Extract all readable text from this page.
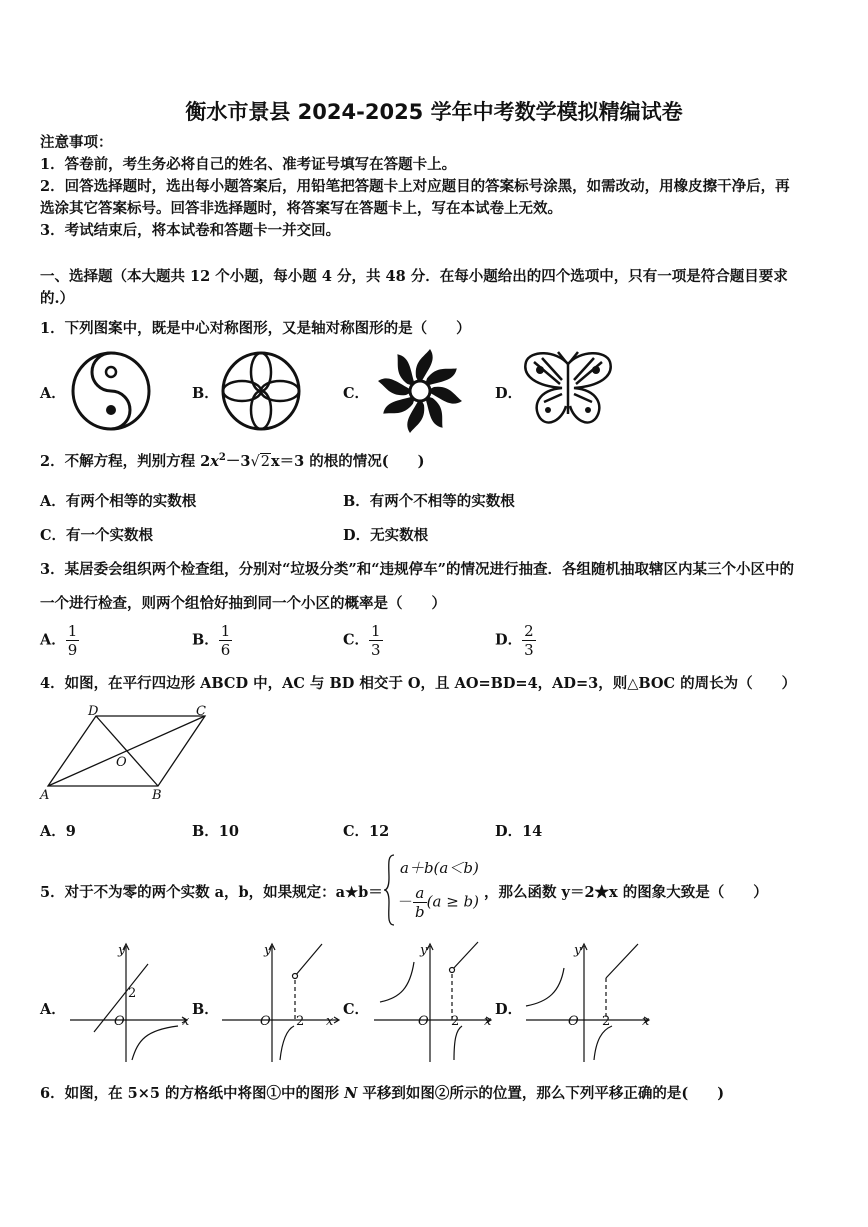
衡水市景县 2024-2025 学年中考数学模拟精编试卷
注意事项：
1．答卷前，考生务必将自己的姓名、准考证号填写在答题卡上。
2．回答选择题时，选出每小题答案后，用铅笔把答题卡上对应题目的答案标号涂黑，如需改动，用橡皮擦干净后，再
选涂其它答案标号。回答非选择题时，将答案写在答题卡上，写在本试卷上无效。
3．考试结束后，将本试卷和答题卡一并交回。
一、选择题（本大题共 12 个小题，每小题 4 分，共 48 分．在每小题给出的四个选项中，只有一项是符合题目要求
的.）
1．下列图案中，既是中心对称图形，又是轴对称图形的是（　　）
A．	B．	C．	D．
2．不解方程，判别方程 $2x^2-3√2x=3$ 的根的情况(　　)
A．有两个相等的实数根	B．有两个不相等的实数根
C．有一个实数根	D．无实数根
3．某居委会组织两个检查组，分别对“垃圾分类”和“违规停车”的情况进行抽查．各组随机抽取辖区内某三个小区中的
一个进行检查，则两个组恰好抽到同一个小区的概率是（　　）
A． $\frac{1}{9}$	B． $\frac{1}{6}$	C． $\frac{1}{3}$	D． $\frac{2}{3}$
4．如图，在平行四边形 ABCD 中，AC 与 BD 相交于 O，且 AO=BD=4，AD=3，则△BOC 的周长为（　　）
A	B
C
D
O
A．9	B．10	C．12	D．14
5．对于不为零的两个实数 a，b，如果规定：a★b＝
a＋b(a＜b)
－ $\frac{a}{b} (a \ge b)$ ，那么函数 y＝2★x 的图象大致是（　　）
A．
y
x
O
2
B．
y
x
O 2
C．
y
x
O 2
D．
y
x
O 2
6．如图，在 5×5 的方格纸中将图①中的图形 N 平移到如图②所示的位置，那么下列平移正确的是(　　)
